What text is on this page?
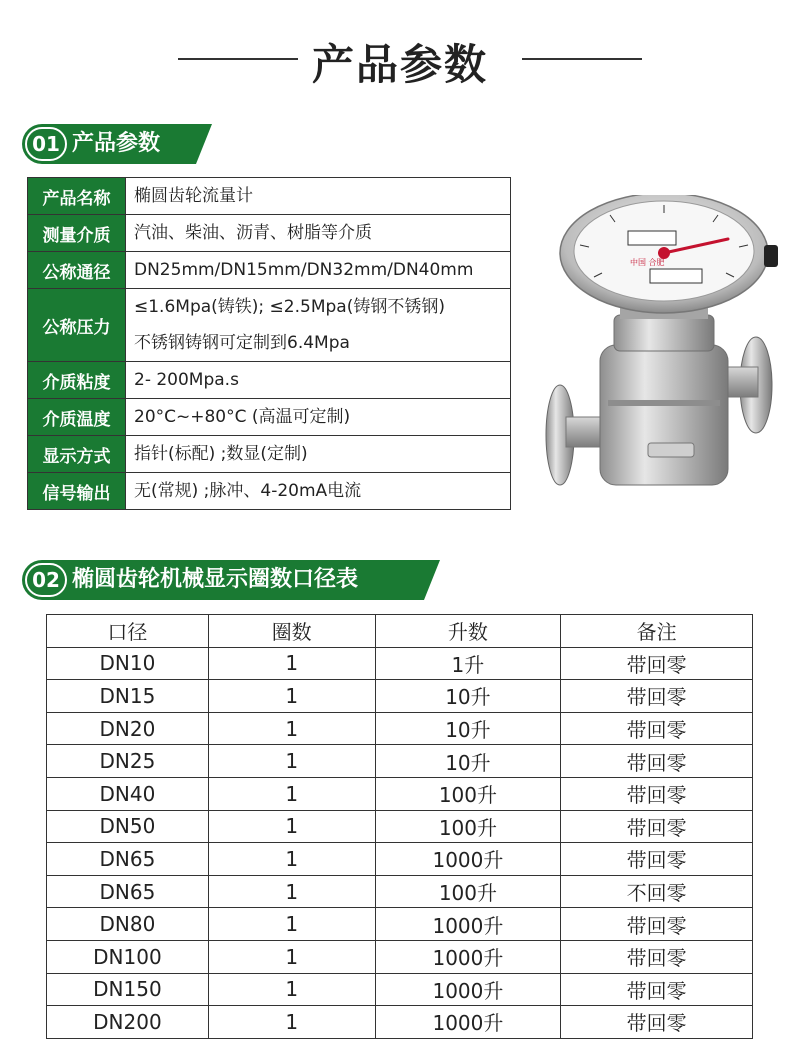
产品参数
01 产品参数
产品名称	椭圆齿轮流量计

测量介质	汽油、柴油、沥青、树脂等介质

公称通径	DN25mm/DN15mm/DN32mm/DN40mm

公称压力	≤1.6Mpa(铸铁); ≤2.5Mpa(铸钢不锈钢)
不锈钢铸钢可定制到6.4Mpa

介质粘度	2- 200Mpa.s

介质温度	20°C~+80°C (高温可定制)

显示方式	指针(标配) ;数显(定制)

信号输出	无(常规) ;脉冲、4-20mA电流
中国 合肥
02 椭圆齿轮机械显示圈数口径表
口径	圈数	升数	备注
DN10	1	1升	带回零
DN15	1	10升	带回零
DN20	1	10升	带回零
DN25	1	10升	带回零
DN40	1	100升	带回零
DN50	1	100升	带回零
DN65	1	1000升	带回零
DN65	1	100升	不回零
DN80	1	1000升	带回零
DN100	1	1000升	带回零
DN150	1	1000升	带回零
DN200	1	1000升	带回零
